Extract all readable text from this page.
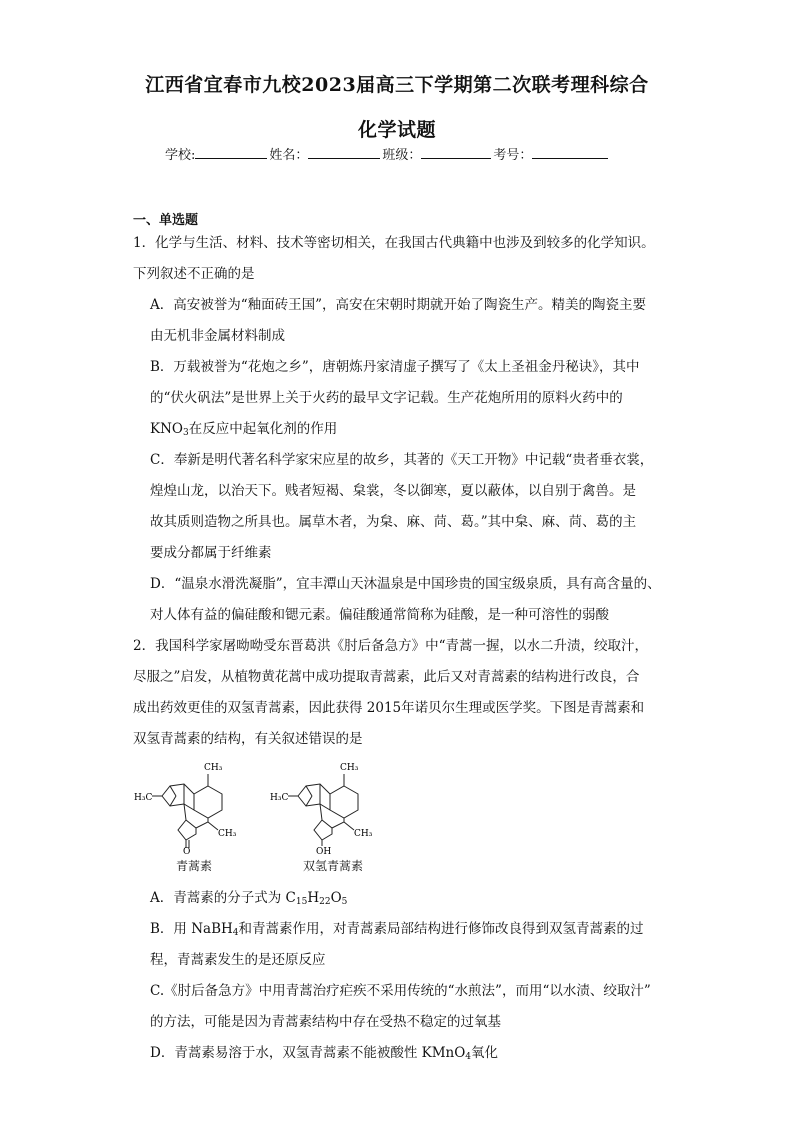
江西省宜春市九校2023届高三下学期第二次联考理科综合
化学试题
学校:	姓名：	班级：	考号：
一、单选题
1．化学与生活、材料、技术等密切相关，在我国古代典籍中也涉及到较多的化学知识。
下列叙述不正确的是
A．高安被誉为“釉面砖王国”，高安在宋朝时期就开始了陶瓷生产。精美的陶瓷主要
由无机非金属材料制成
B．万载被誉为“花炮之乡”，唐朝炼丹家清虚子撰写了《太上圣祖金丹秘诀》，其中
的“伏火矾法”是世界上关于火药的最早文字记载。生产花炮所用的原料火药中的
$KNO_3$在反应中起氧化剂的作用
C．奉新是明代著名科学家宋应星的故乡，其著的《天工开物》中记载“贵者垂衣裳，
煌煌山龙，以治天下。贱者短褐、枲裳，冬以御寒，夏以蔽体，以自别于禽兽。是
故其质则造物之所具也。属草木者，为枲、麻、苘、葛。”其中枲、麻、苘、葛的主
要成分都属于纤维素
D．“温泉水滑洗凝脂”，宜丰潭山天沐温泉是中国珍贵的国宝级泉质，具有高含量的、
对人体有益的偏硅酸和锶元素。偏硅酸通常简称为硅酸，是一种可溶性的弱酸
2．我国科学家屠呦呦受东晋葛洪《肘后备急方》中“青蒿一握，以水二升渍，绞取汁，
尽服之”启发，从植物黄花蒿中成功提取青蒿素，此后又对青蒿素的结构进行改良，合
成出药效更佳的双氢青蒿素，因此获得 2015年诺贝尔生理或医学奖。下图是青蒿素和
双氢青蒿素的结构，有关叙述错误的是
CH₃
H₃C
CH₃
O
青蒿素
CH₃
H₃C
CH₃
OH
双氢青蒿素
A．青蒿素的分子式为 $C_{15}H_{22}O_5$
B．用 NaBH$_4$和青蒿素作用，对青蒿素局部结构进行修饰改良得到双氢青蒿素的过
程，青蒿素发生的是还原反应
C.《肘后备急方》中用青蒿治疗疟疾不采用传统的“水煎法”，而用“以水渍、绞取汁”
的方法，可能是因为青蒿素结构中存在受热不稳定的过氧基
D．青蒿素易溶于水，双氢青蒿素不能被酸性 KMnO$_4$氧化
